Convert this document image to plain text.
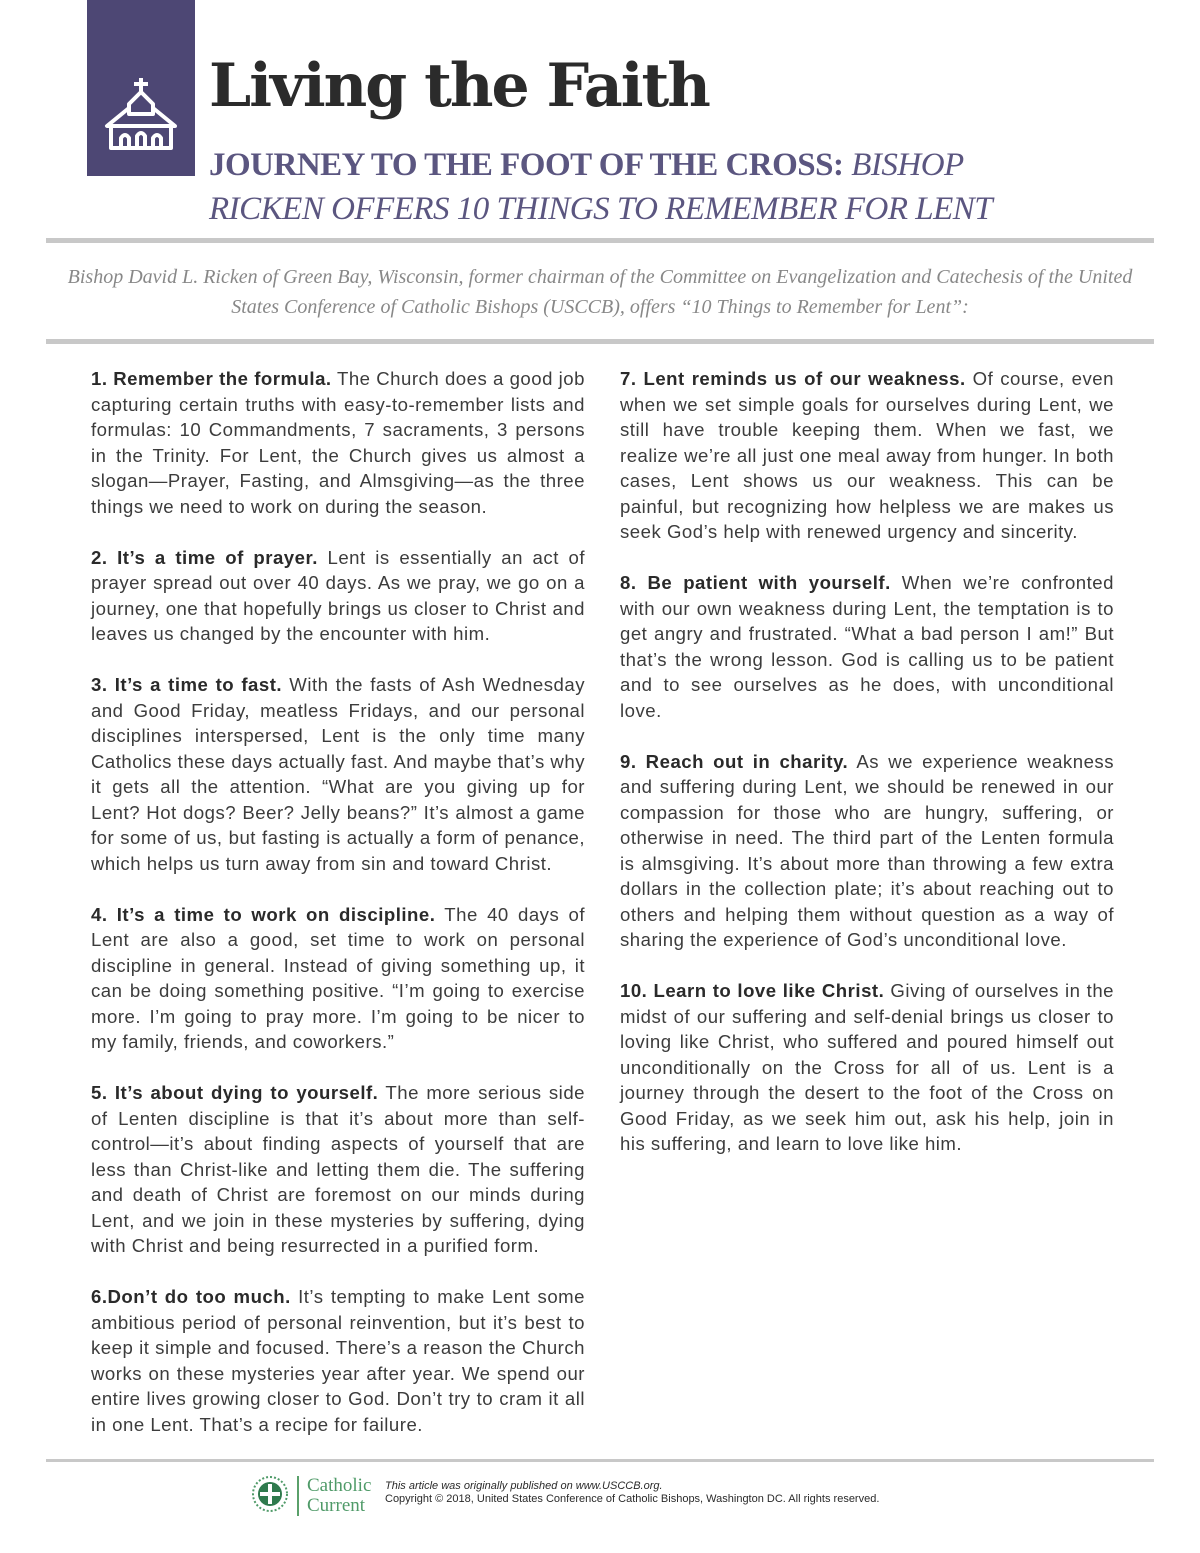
Living the Faith

JOURNEY TO THE FOOT OF THE CROSS: BISHOP
RICKEN OFFERS 10 THINGS TO REMEMBER FOR LENT

Bishop David L. Ricken of Green Bay, Wisconsin, former chairman of the Committee on Evangelization and Catechesis of the United States Conference of Catholic Bishops (USCCB), offers “10 Things to Remember for Lent”:

1. Remember the formula. The Church does a good job capturing certain truths with easy-to-remember lists and formulas: 10 Commandments, 7 sacraments, 3 persons in the Trinity. For Lent, the Church gives us almost a slogan—Prayer, Fasting, and Almsgiving—as the three things we need to work on during the season.

2. It’s a time of prayer. Lent is essentially an act of prayer spread out over 40 days. As we pray, we go on a journey, one that hopefully brings us closer to Christ and leaves us changed by the encounter with him.

3. It’s a time to fast. With the fasts of Ash Wednesday and Good Friday, meatless Fridays, and our personal disciplines interspersed, Lent is the only time many Catholics these days actually fast. And maybe that’s why it gets all the attention. “What are you giving up for Lent? Hot dogs? Beer? Jelly beans?” It’s almost a game for some of us, but fasting is actually a form of penance, which helps us turn away from sin and toward Christ.

4. It’s a time to work on discipline. The 40 days of Lent are also a good, set time to work on personal discipline in general. Instead of giving something up, it can be doing something positive. “I’m going to exercise more. I’m going to pray more. I’m going to be nicer to my family, friends, and coworkers.”

5. It’s about dying to yourself. The more serious side of Lenten discipline is that it’s about more than self-control—it’s about finding aspects of yourself that are less than Christ-like and letting them die. The suffering and death of Christ are foremost on our minds during Lent, and we join in these mysteries by suffering, dying with Christ and being resurrected in a purified form.

6.Don’t do too much. It’s tempting to make Lent some ambitious period of personal reinvention, but it’s best to keep it simple and focused. There’s a reason the Church works on these mysteries year after year. We spend our entire lives growing closer to God. Don’t try to cram it all in one Lent. That’s a recipe for failure.

7. Lent reminds us of our weakness. Of course, even when we set simple goals for ourselves during Lent, we still have trouble keeping them. When we fast, we realize we’re all just one meal away from hunger. In both cases, Lent shows us our weakness. This can be painful, but recognizing how helpless we are makes us seek God’s help with renewed urgency and sincerity.

8. Be patient with yourself. When we’re confronted with our own weakness during Lent, the temptation is to get angry and frustrated. “What a bad person I am!” But that’s the wrong lesson. God is calling us to be patient and to see ourselves as he does, with unconditional love.

9. Reach out in charity. As we experience weakness and suffering during Lent, we should be renewed in our compassion for those who are hungry, suffering, or otherwise in need. The third part of the Lenten formula is almsgiving. It’s about more than throwing a few extra dollars in the collection plate; it’s about reaching out to others and helping them without question as a way of sharing the experience of God’s unconditional love.

10. Learn to love like Christ. Giving of ourselves in the midst of our suffering and self-denial brings us closer to loving like Christ, who suffered and poured himself out unconditionally on the Cross for all of us. Lent is a journey through the desert to the foot of the Cross on Good Friday, as we seek him out, ask his help, join in his suffering, and learn to love like him.

Catholic
Current
This article was originally published on www.USCCB.org.
Copyright © 2018, United States Conference of Catholic Bishops, Washington DC. All rights reserved.
